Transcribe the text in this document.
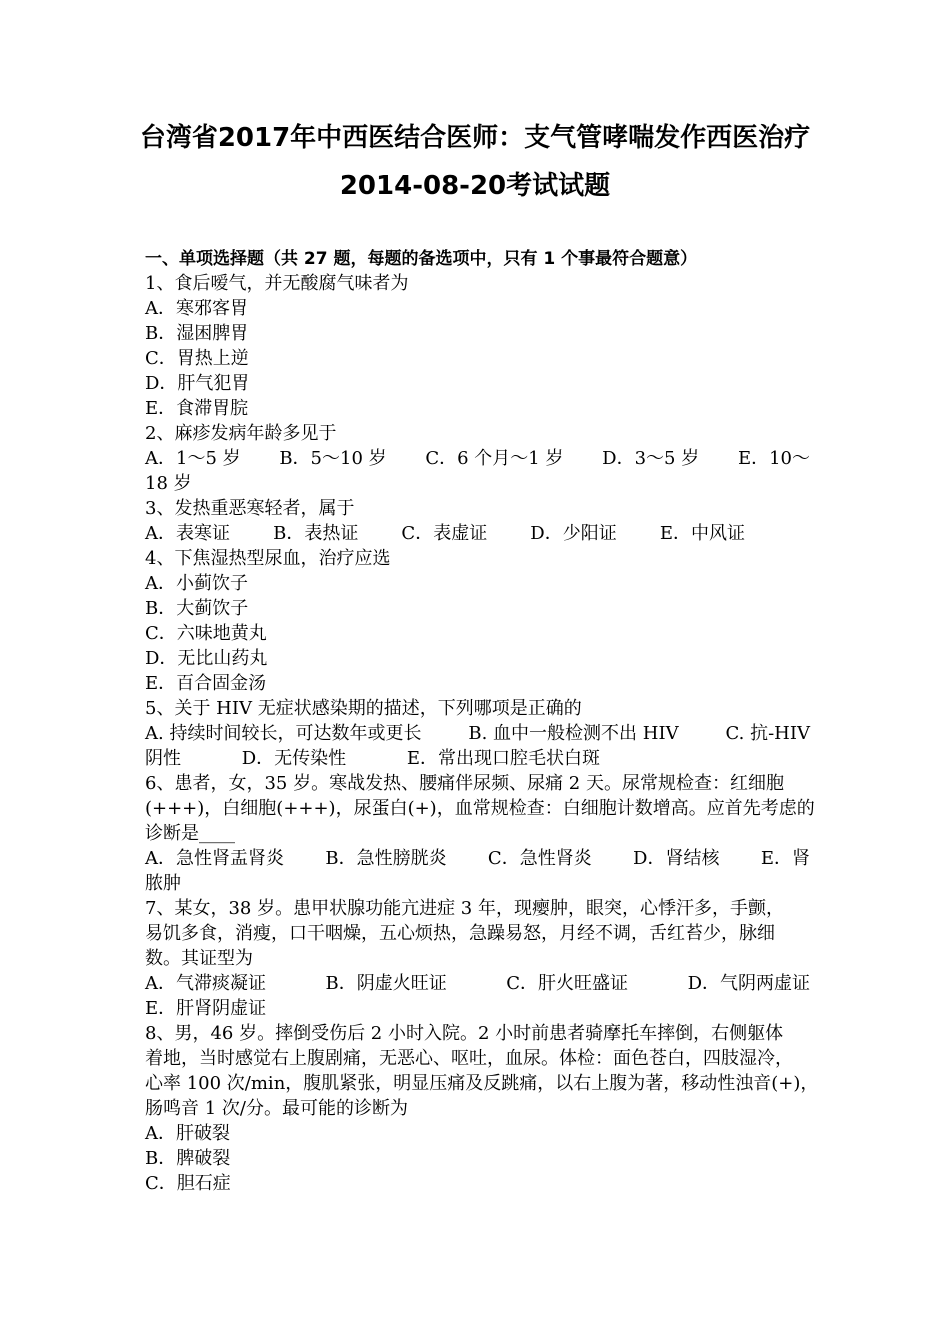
台湾省2017年中西医结合医师：支气管哮喘发作西医治疗
2014-08-20考试试题
一、单项选择题（共 27 题，每题的备选项中，只有 1 个事最符合题意）
1、食后嗳气，并无酸腐气味者为
A．寒邪客胃
B．湿困脾胃
C．胃热上逆
D．肝气犯胃
E．食滞胃脘
2、麻疹发病年龄多见于
A．1～5 岁 B．5～10 岁 C．6 个月～1 岁 D．3～5 岁 E．10～
18 岁
3、发热重恶寒轻者，属于
A．表寒证 B．表热证 C．表虚证 D．少阳证 E．中风证
4、下焦湿热型尿血，治疗应选
A．小蓟饮子
B．大蓟饮子
C．六味地黄丸
D．无比山药丸
E．百合固金汤
5、关于 HIV 无症状感染期的描述，下列哪项是正确的
A. 持续时间较长，可达数年或更长	B. 血中一般检测不出 HIV	C. 抗-HIV
阴性	D．无传染性	E．常出现口腔毛状白斑
6、患者，女，35 岁。寒战发热、腰痛伴尿频、尿痛 2 天。尿常规检查：红细胞
(+++)，白细胞(+++)，尿蛋白(+)，血常规检查：白细胞计数增高。应首先考虑的
诊断是____
A．急性肾盂肾炎 B．急性膀胱炎 C．急性肾炎 D．肾结核 E．肾
脓肿
7、某女，38 岁。患甲状腺功能亢进症 3 年，现瘿肿，眼突，心悸汗多，手颤，
易饥多食，消瘦，口干咽燥，五心烦热，急躁易怒，月经不调，舌红苔少，脉细
数。其证型为
A．气滞痰凝证	B．阴虚火旺证	C．肝火旺盛证	D．气阴两虚证
E．肝肾阴虚证
8、男，46 岁。摔倒受伤后 2 小时入院。2 小时前患者骑摩托车摔倒，右侧躯体
着地，当时感觉右上腹剧痛，无恶心、呕吐，血尿。体检：面色苍白，四肢湿冷，
心率 100 次/min，腹肌紧张，明显压痛及反跳痛，以右上腹为著，移动性浊音(+)，
肠鸣音 1 次/分。最可能的诊断为
A．肝破裂
B．脾破裂
C．胆石症
